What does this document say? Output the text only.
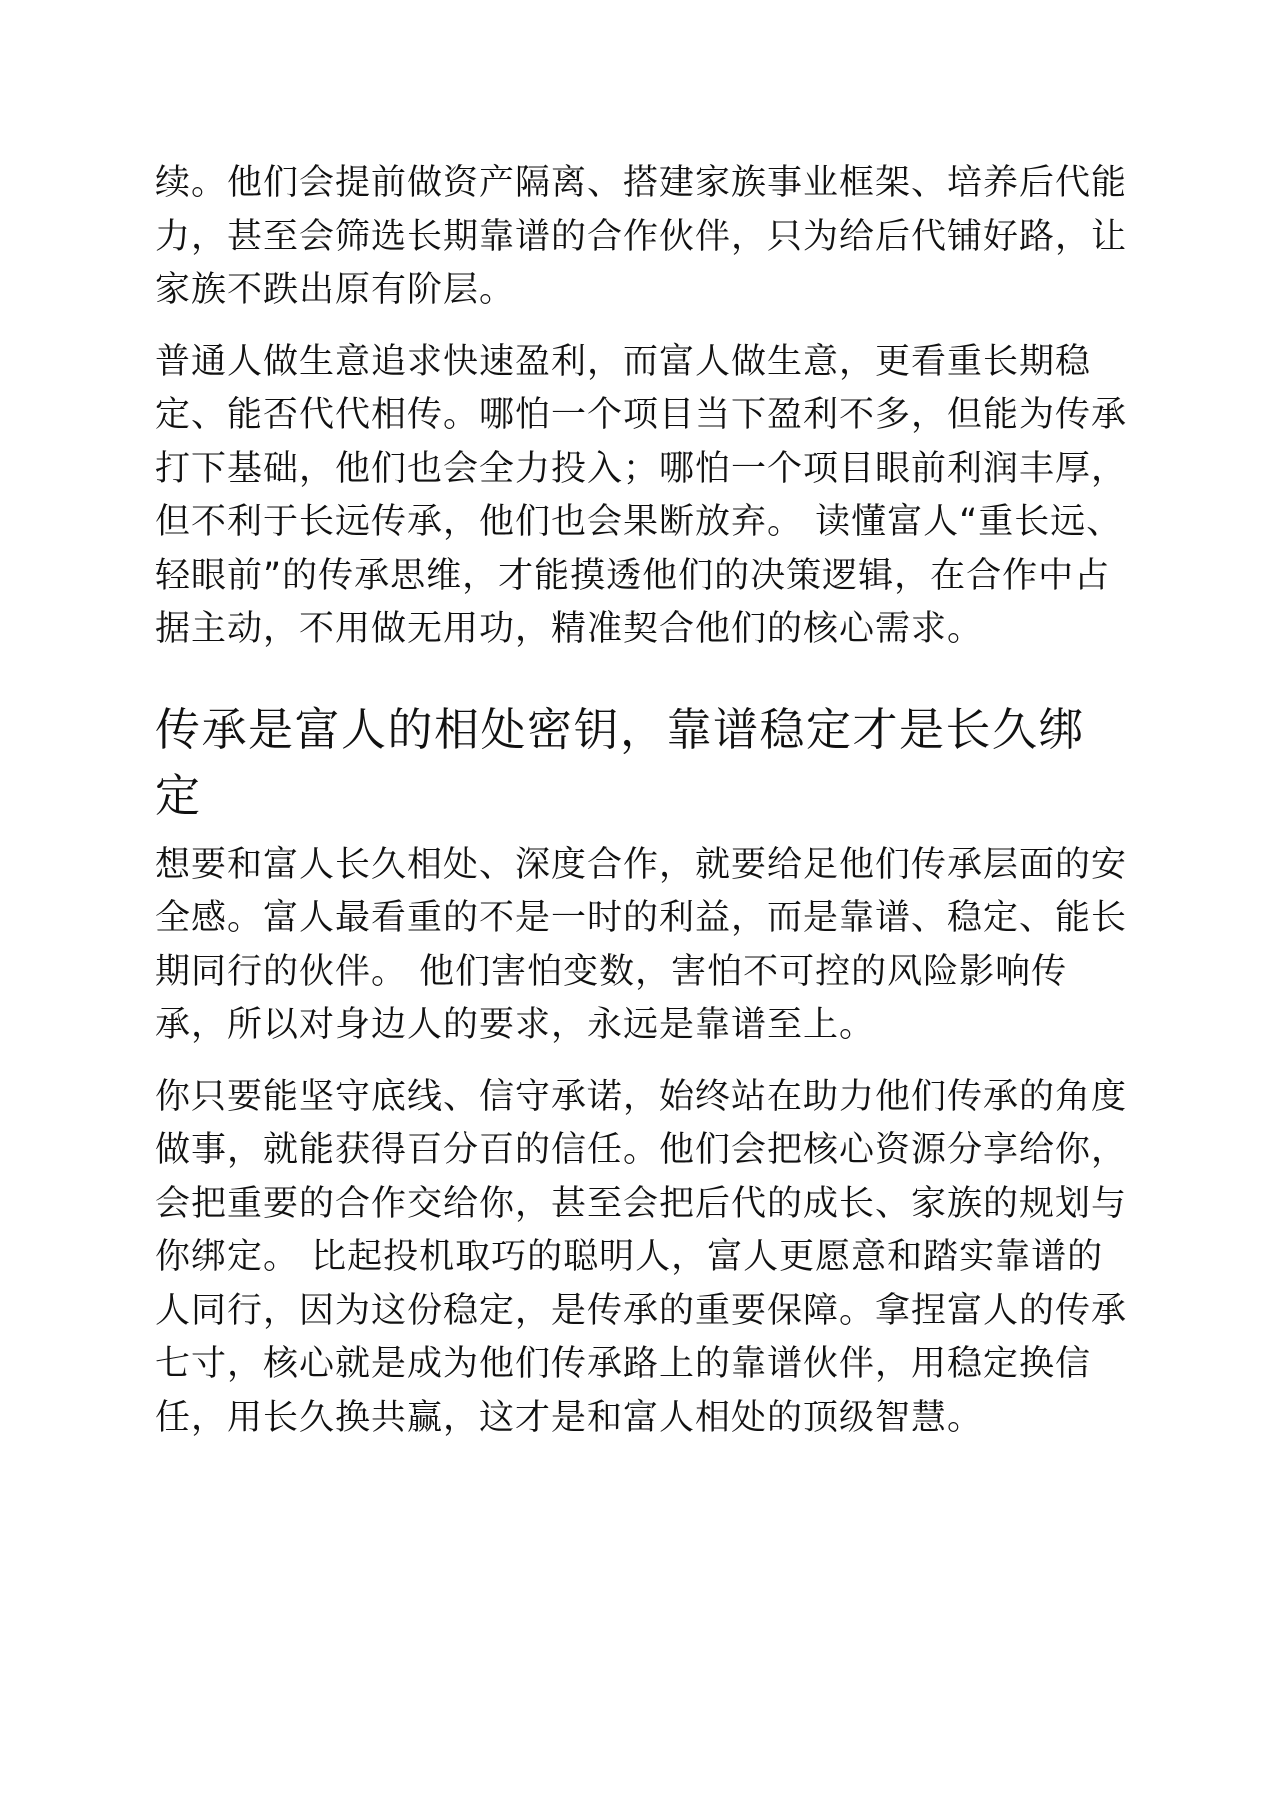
续。他们会提前做资产隔离、搭建家族事业框架、培养后代能力，甚至会筛选长期靠谱的合作伙伴，只为给后代铺好路，让家族不跌出原有阶层。

普通人做生意追求快速盈利，而富人做生意，更看重长期稳定、能否代代相传。哪怕一个项目当下盈利不多，但能为传承打下基础，他们也会全力投入；哪怕一个项目眼前利润丰厚，但不利于长远传承，他们也会果断放弃。 读懂富人“重长远、轻眼前”的传承思维，才能摸透他们的决策逻辑，在合作中占据主动，不用做无用功，精准契合他们的核心需求。

传承是富人的相处密钥，靠谱稳定才是长久绑定

想要和富人长久相处、深度合作，就要给足他们传承层面的安全感。富人最看重的不是一时的利益，而是靠谱、稳定、能长期同行的伙伴。 他们害怕变数，害怕不可控的风险影响传承，所以对身边人的要求，永远是靠谱至上。

你只要能坚守底线、信守承诺，始终站在助力他们传承的角度做事，就能获得百分百的信任。他们会把核心资源分享给你，会把重要的合作交给你，甚至会把后代的成长、家族的规划与你绑定。 比起投机取巧的聪明人，富人更愿意和踏实靠谱的人同行，因为这份稳定，是传承的重要保障。拿捏富人的传承七寸，核心就是成为他们传承路上的靠谱伙伴，用稳定换信任，用长久换共赢，这才是和富人相处的顶级智慧。
